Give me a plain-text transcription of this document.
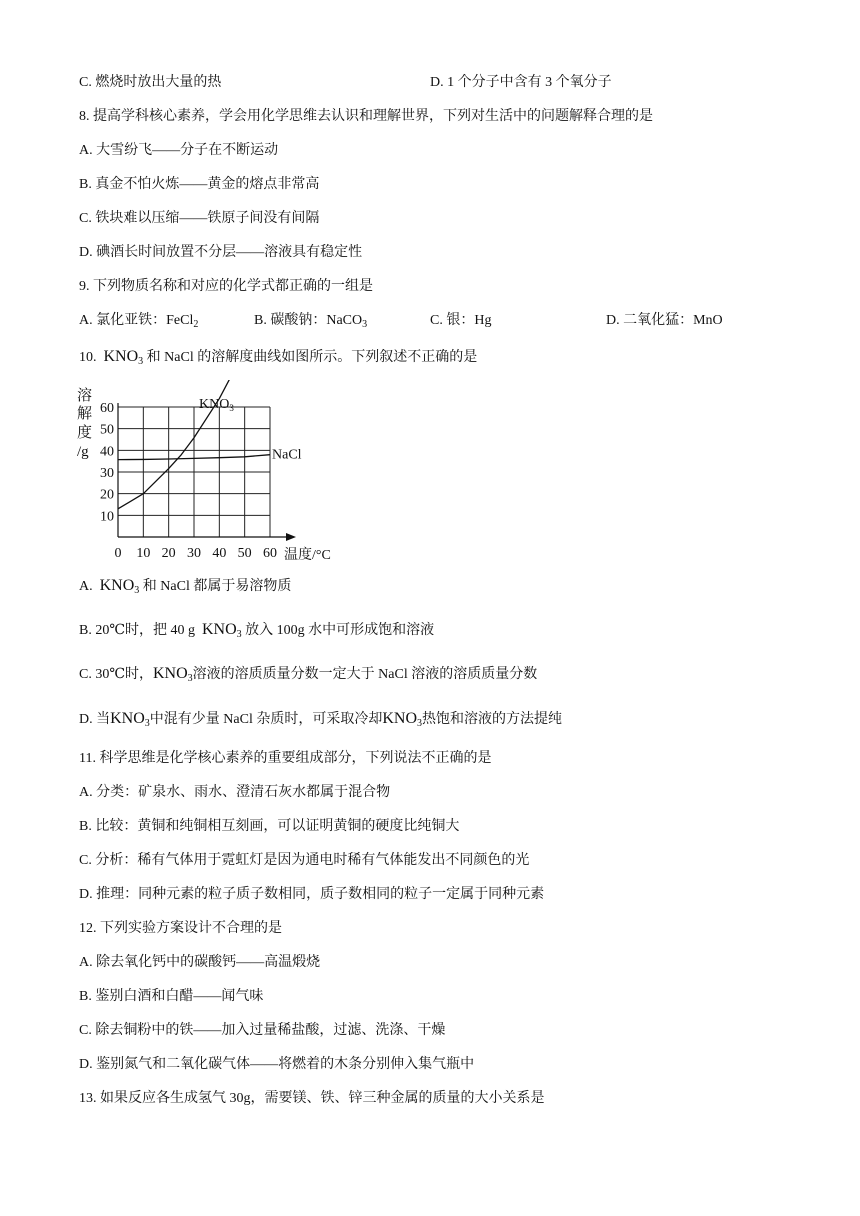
C. 燃烧时放出大量的热	D. 1 个分子中含有 3 个氧分子
8. 提高学科核心素养，学会用化学思维去认识和理解世界，下列对生活中的问题解释合理的是
A. 大雪纷飞——分子在不断运动
B. 真金不怕火炼——黄金的熔点非常高
C. 铁块难以压缩——铁原子间没有间隔
D. 碘酒长时间放置不分层——溶液具有稳定性
9. 下列物质名称和对应的化学式都正确的一组是
A. 氯化亚铁：FeCl$_2$	B. 碳酸钠：NaCO$_3$	C. 银：Hg	D. 二氧化猛：MnO
10. $KNO_3$ 和 NaCl 的溶解度曲线如图所示。下列叙述不正确的是
0 10 20 30 40 50 60
10
20
30
40
50
60
溶
解
度
/g
温度/°C
$KNO_3$
NaCl
A. $KNO_3$ 和 NaCl 都属于易溶物质
B. 20℃时，把 40 g $KNO_3$ 放入 100g 水中可形成饱和溶液
C. 30℃时，$KNO_3$溶液的溶质质量分数一定大于 NaCl 溶液的溶质质量分数
D. 当$KNO_3$中混有少量 NaCl 杂质时，可采取冷却$KNO_3$热饱和溶液的方法提纯
11. 科学思维是化学核心素养的重要组成部分，下列说法不正确的是
A. 分类：矿泉水、雨水、澄清石灰水都属于混合物
B. 比较：黄铜和纯铜相互刻画，可以证明黄铜的硬度比纯铜大
C. 分析：稀有气体用于霓虹灯是因为通电时稀有气体能发出不同颜色的光
D. 推理：同种元素的粒子质子数相同，质子数相同的粒子一定属于同种元素
12. 下列实验方案设计不合理的是
A. 除去氧化钙中的碳酸钙——高温煅烧
B. 鉴别白酒和白醋——闻气味
C. 除去铜粉中的铁——加入过量稀盐酸，过滤、洗涤、干燥
D. 鉴别氮气和二氧化碳气体——将燃着的木条分别伸入集气瓶中
13. 如果反应各生成氢气 30g，需要镁、铁、锌三种金属的质量的大小关系是
